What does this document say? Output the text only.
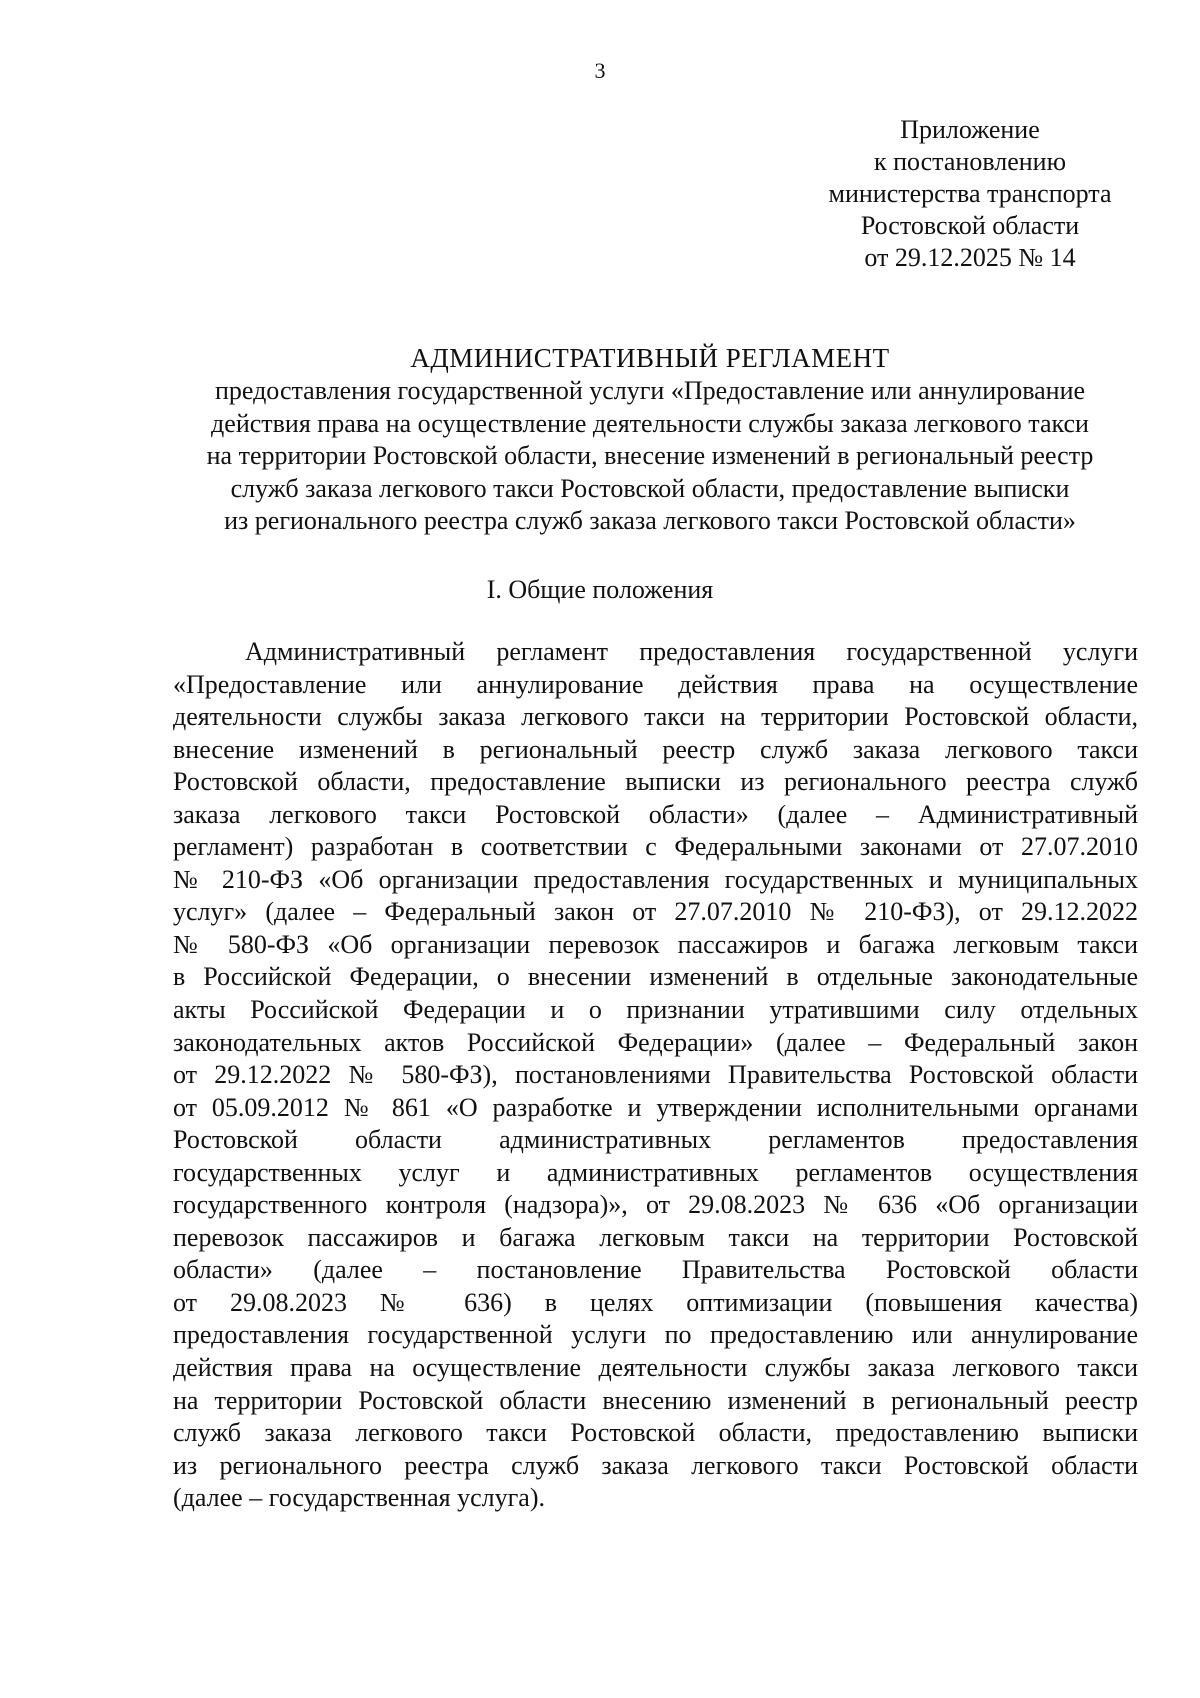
3
Приложение
к постановлению
министерства транспорта
Ростовской области
от 29.12.2025 № 14
АДМИНИСТРАТИВНЫЙ РЕГЛАМЕНТ
предоставления государственной услуги «Предоставление или аннулирование
действия права на осуществление деятельности службы заказа легкового такси
на территории Ростовской области, внесение изменений в региональный реестр
служб заказа легкового такси Ростовской области, предоставление выписки
из регионального реестра служб заказа легкового такси Ростовской области»
I. Общие положения
Административный регламент предоставления государственной услуги
«Предоставление или аннулирование действия права на осуществление
деятельности службы заказа легкового такси на территории Ростовской области,
внесение изменений в региональный реестр служб заказа легкового такси
Ростовской области, предоставление выписки из регионального реестра служб
заказа легкового такси Ростовской области» (далее – Административный
регламент) разработан в соответствии с Федеральными законами от 27.07.2010
№ 210-ФЗ «Об организации предоставления государственных и муниципальных
услуг» (далее – Федеральный закон от 27.07.2010 № 210-ФЗ), от 29.12.2022
№ 580-ФЗ «Об организации перевозок пассажиров и багажа легковым такси
в Российской Федерации, о внесении изменений в отдельные законодательные
акты Российской Федерации и о признании утратившими силу отдельных
законодательных актов Российской Федерации» (далее – Федеральный закон
от 29.12.2022 № 580-ФЗ), постановлениями Правительства Ростовской области
от 05.09.2012 № 861 «О разработке и утверждении исполнительными органами
Ростовской области административных регламентов предоставления
государственных услуг и административных регламентов осуществления
государственного контроля (надзора)», от 29.08.2023 № 636 «Об организации
перевозок пассажиров и багажа легковым такси на территории Ростовской
области» (далее – постановление Правительства Ростовской области
от 29.08.2023 № 636) в целях оптимизации (повышения качества)
предоставления государственной услуги по предоставлению или аннулирование
действия права на осуществление деятельности службы заказа легкового такси
на территории Ростовской области внесению изменений в региональный реестр
служб заказа легкового такси Ростовской области, предоставлению выписки
из регионального реестра служб заказа легкового такси Ростовской области
(далее – государственная услуга).
